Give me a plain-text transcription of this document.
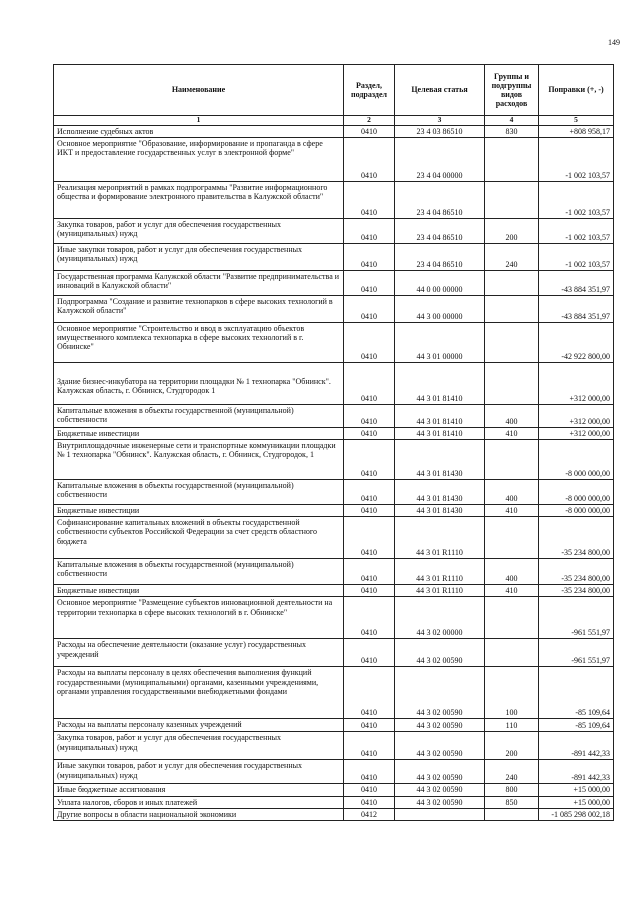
149
Наименование	Раздел, подраздел	Целевая статья	Группы и подгруппы видов расходов	Поправки (+, -)
1	2	3	4	5
Исполнение судебных актов	0410	23 4 03 86510	830	+808 958,17
Основное мероприятие "Образование, информирование и пропаганда в сфере ИКТ и предоставление государственных услуг в электронной форме"	0410	23 4 04 00000		-1 002 103,57
Реализация мероприятий в рамках подпрограммы "Развитие информационного общества и формирование электронного правительства в Калужской области"	0410	23 4 04 86510		-1 002 103,57
Закупка товаров, работ и услуг для обеспечения государственных (муниципальных) нужд	0410	23 4 04 86510	200	-1 002 103,57
Иные закупки товаров, работ и услуг для обеспечения государственных (муниципальных) нужд	0410	23 4 04 86510	240	-1 002 103,57
Государственная программа Калужской области "Развитие предпринимательства и инноваций в Калужской области"	0410	44 0 00 00000		-43 884 351,97
Подпрограмма "Создание и развитие технопарков в сфере высоких технологий в Калужской области"	0410	44 3 00 00000		-43 884 351,97
Основное мероприятие "Строительство и ввод в эксплуатацию объектов имущественного комплекса технопарка в сфере высоких технологий в г. Обнинске"	0410	44 3 01 00000		-42 922 800,00
Здание бизнес-инкубатора на территории площадки № 1 технопарка "Обнинск". Калужская область, г. Обнинск, Студгородок 1	0410	44 3 01 81410		+312 000,00
Капитальные вложения в объекты государственной (муниципальной) собственности	0410	44 3 01 81410	400	+312 000,00
Бюджетные инвестиции	0410	44 3 01 81410	410	+312 000,00
Внутриплощадочные инженерные сети и транспортные коммуникации площадки № 1 технопарка "Обнинск". Калужская область, г. Обнинск, Студгородок, 1	0410	44 3 01 81430		-8 000 000,00
Капитальные вложения в объекты государственной (муниципальной) собственности	0410	44 3 01 81430	400	-8 000 000,00
Бюджетные инвестиции	0410	44 3 01 81430	410	-8 000 000,00
Софинансирование капитальных вложений в объекты государственной собственности субъектов Российской Федерации за счет средств областного бюджета	0410	44 3 01 R1110		-35 234 800,00
Капитальные вложения в объекты государственной (муниципальной) собственности	0410	44 3 01 R1110	400	-35 234 800,00
Бюджетные инвестиции	0410	44 3 01 R1110	410	-35 234 800,00
Основное мероприятие "Размещение субъектов инновационной деятельности на территории технопарка в сфере высоких технологий в г. Обнинске"	0410	44 3 02 00000		-961 551,97
Расходы на обеспечение деятельности (оказание услуг) государственных учреждений	0410	44 3 02 00590		-961 551,97
Расходы на выплаты персоналу в целях обеспечения выполнения функций государственными (муниципальными) органами, казенными учреждениями, органами управления государственными внебюджетными фондами	0410	44 3 02 00590	100	-85 109,64
Расходы на выплаты персоналу казенных учреждений	0410	44 3 02 00590	110	-85 109,64
Закупка товаров, работ и услуг для обеспечения государственных (муниципальных) нужд	0410	44 3 02 00590	200	-891 442,33
Иные закупки товаров, работ и услуг для обеспечения государственных (муниципальных) нужд	0410	44 3 02 00590	240	-891 442,33
Иные бюджетные ассигнования	0410	44 3 02 00590	800	+15 000,00
Уплата налогов, сборов и иных платежей	0410	44 3 02 00590	850	+15 000,00
Другие вопросы в области национальной экономики	0412			-1 085 298 002,18
